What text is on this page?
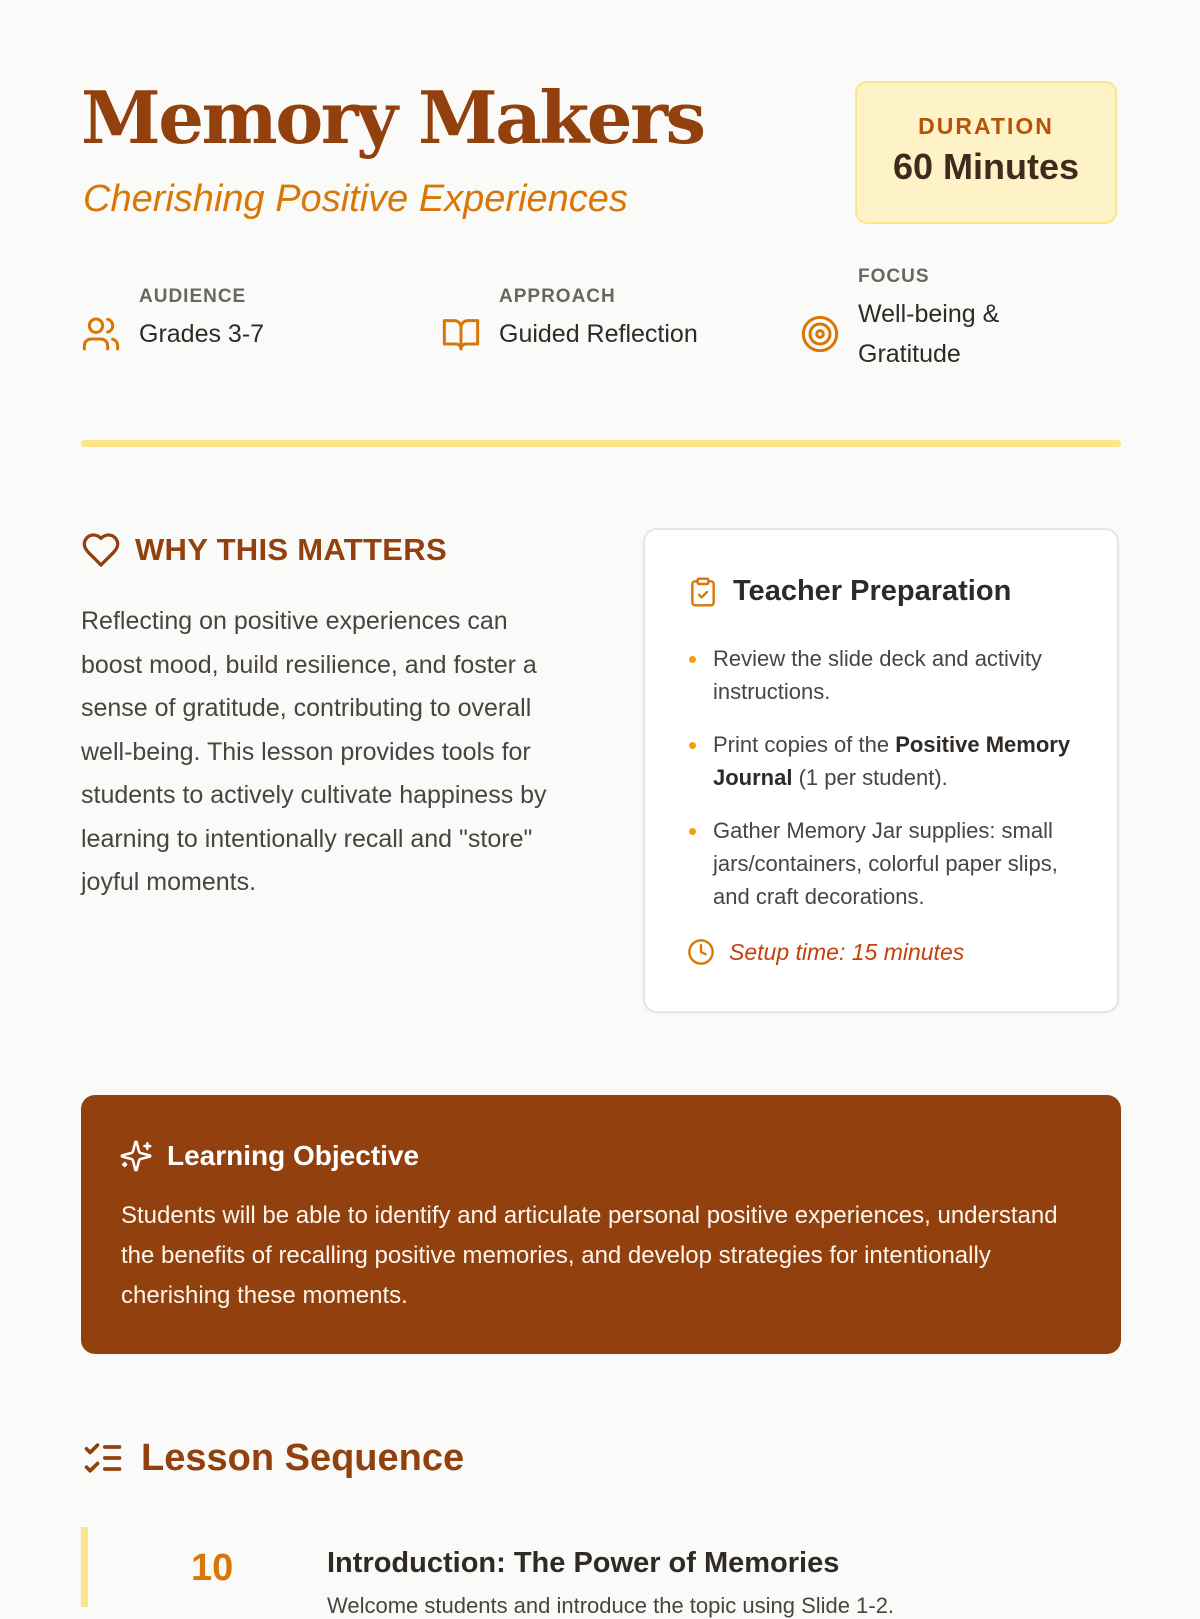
Memory Makers
Cherishing Positive Experiences
DURATION
60 Minutes
AUDIENCE
Grades 3-7
APPROACH
Guided Reflection
FOCUS
Well-being & Gratitude
WHY THIS MATTERS

Reflecting on positive experiences can boost mood, build resilience, and foster a sense of gratitude, contributing to overall well-being. This lesson provides tools for students to actively cultivate happiness by learning to intentionally recall and "store" joyful moments.

Teacher Preparation
Review the slide deck and activity instructions.
Print copies of the Positive Memory Journal (1 per student).
Gather Memory Jar supplies: small jars/containers, colorful paper slips, and craft decorations.
Setup time: 15 minutes
Learning Objective

Students will be able to identify and articulate personal positive experiences, understand the benefits of recalling positive memories, and develop strategies for intentionally cherishing these moments.

Lesson Sequence
10	Introduction: The Power of Memories
Welcome students and introduce the topic using Slide 1-2.
